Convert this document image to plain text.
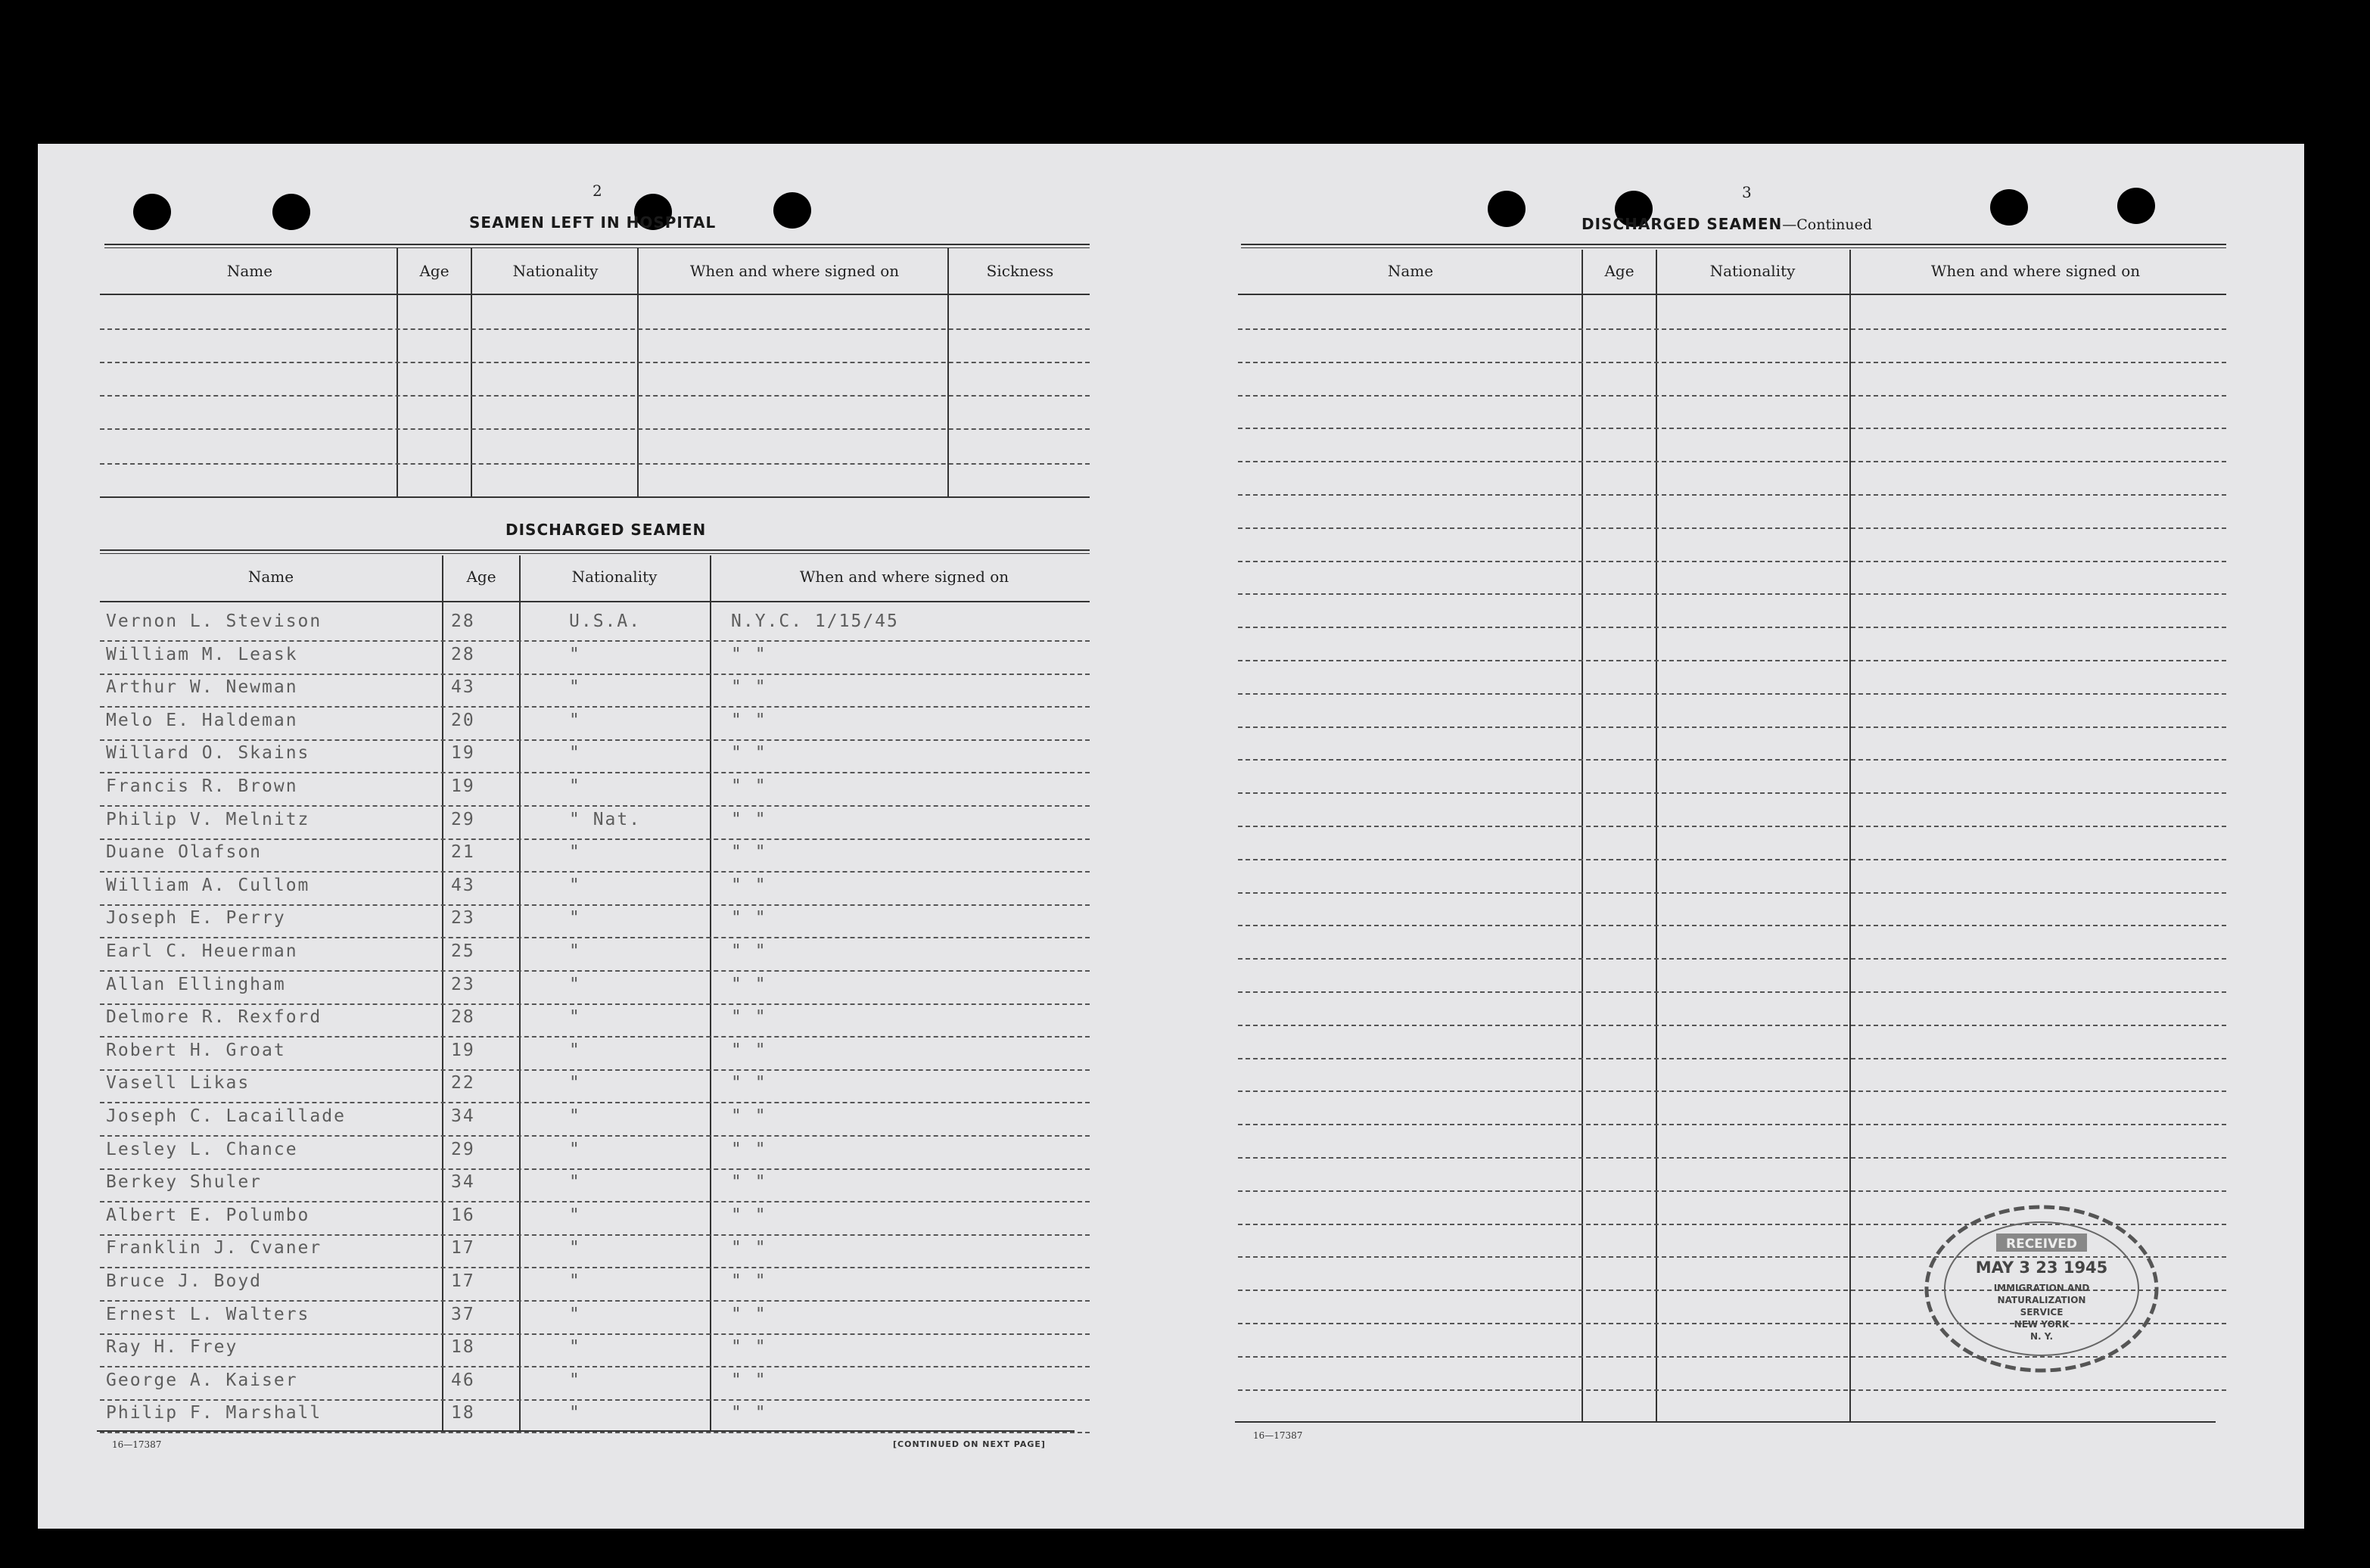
2
SEAMEN LEFT IN HOSPITAL
Name	Age	Nationality	When and where signed on	Sickness
DISCHARGED SEAMEN
Name	Age	Nationality	When and where signed on
Vernon L. Stevison	28	U.S.A.	N.Y.C. 1/15/45
William M. Leask	28	"	" "
Arthur W. Newman	43	"	" "
Melo E. Haldeman	20	"	" "
Willard O. Skains	19	"	" "
Francis R. Brown	19	"	" "
Philip V. Melnitz	29	" Nat.	" "
Duane Olafson	21	"	" "
William A. Cullom	43	"	" "
Joseph E. Perry	23	"	" "
Earl C. Heuerman	25	"	" "
Allan Ellingham	23	"	" "
Delmore R. Rexford	28	"	" "
Robert H. Groat	19	"	" "
Vasell Likas	22	"	" "
Joseph C. Lacaillade	34	"	" "
Lesley L. Chance	29	"	" "
Berkey Shuler	34	"	" "
Albert E. Polumbo	16	"	" "
Franklin J. Cvaner	17	"	" "
Bruce J. Boyd	17	"	" "
Ernest L. Walters	37	"	" "
Ray H. Frey	18	"	" "
George A. Kaiser	46	"	" "
Philip F. Marshall	18	"	" "
16—17387	[CONTINUED ON NEXT PAGE]
3
DISCHARGED SEAMEN—Continued
Name	Age	Nationality	When and where signed on
16—17387
RECEIVED
MAY 3 23 1945
IMMIGRATION AND
NATURALIZATION
SERVICE
NEW YORK
N. Y.
